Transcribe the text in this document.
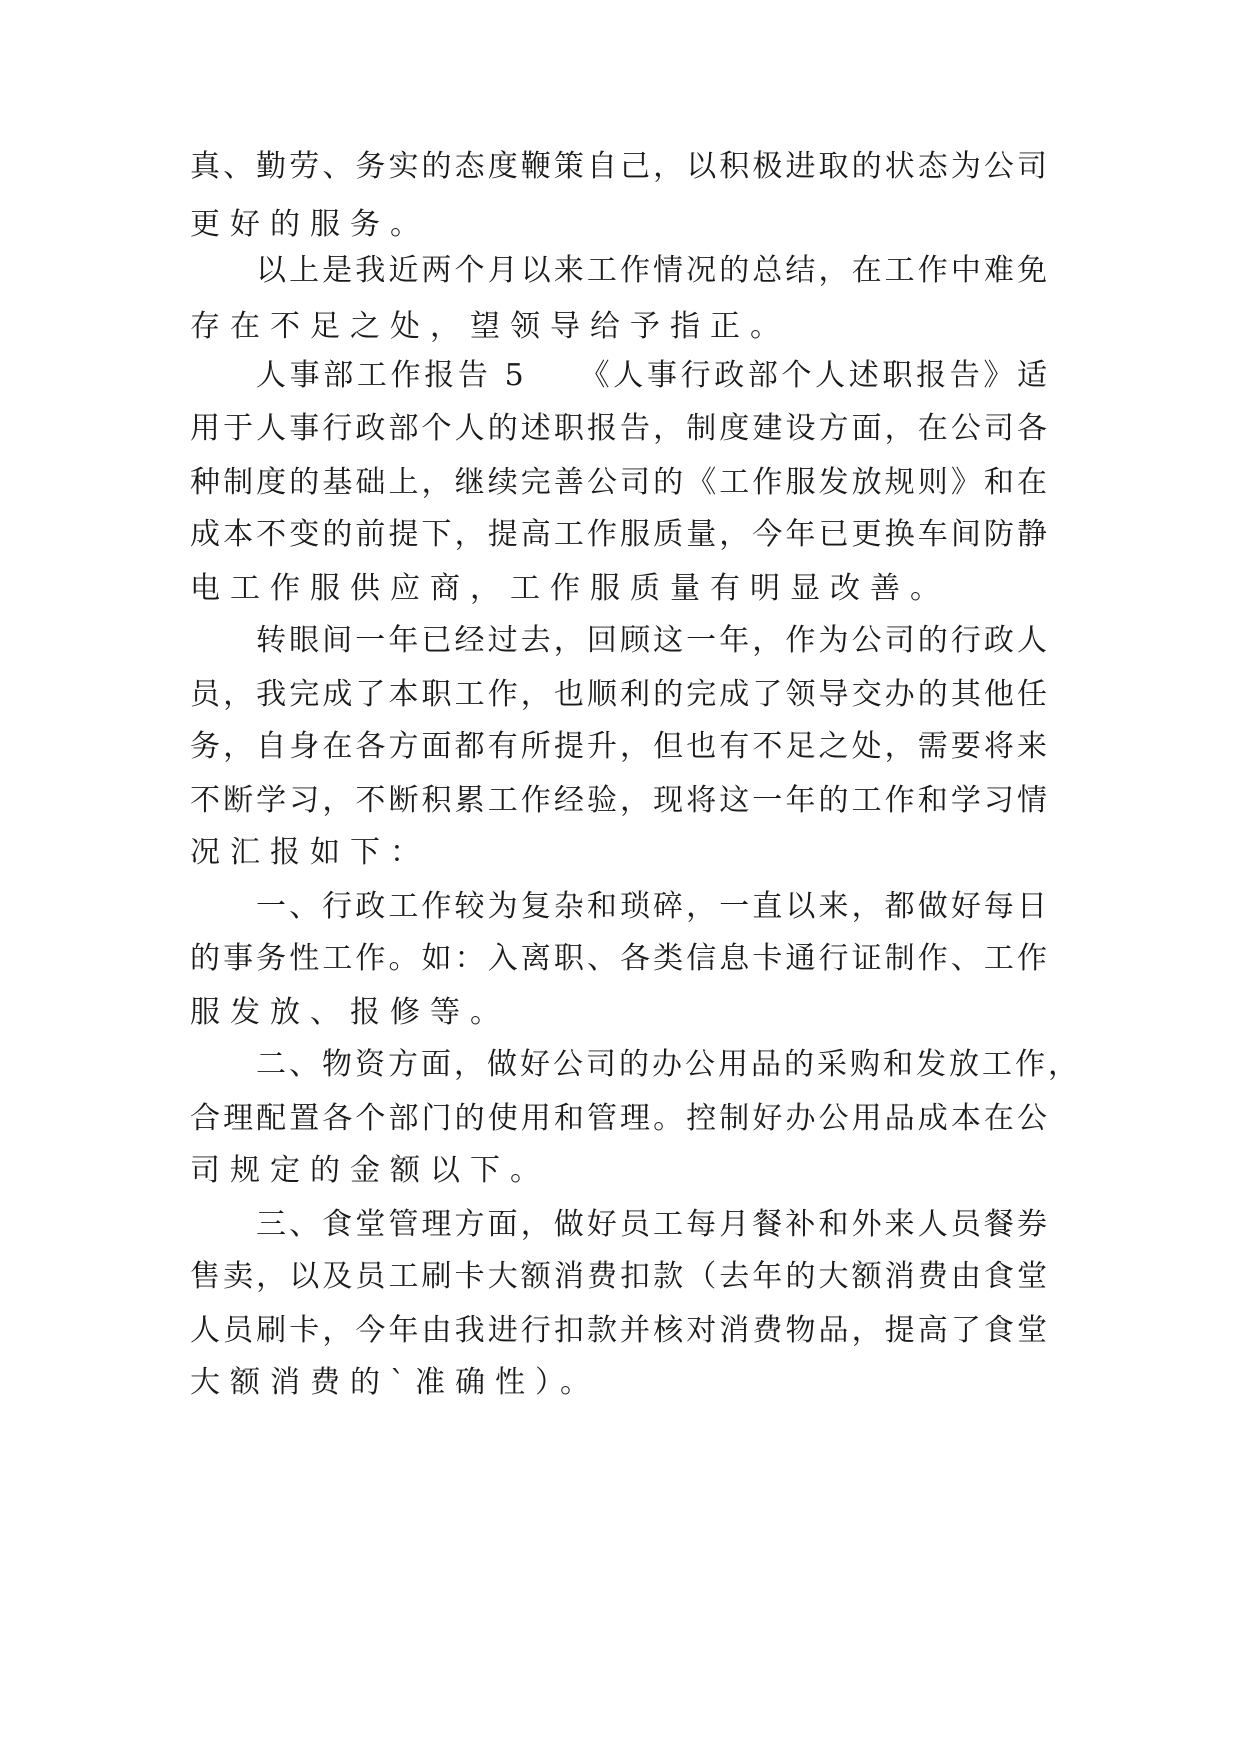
真、勤劳、务实的态度鞭策自己，以积极进取的状态为公司
更好的服务。
以上是我近两个月以来工作情况的总结，在工作中难免
存在不足之处，望领导给予指正。
人事部工作报告 5　　《人事行政部个人述职报告》适
用于人事行政部个人的述职报告，制度建设方面，在公司各
种制度的基础上，继续完善公司的《工作服发放规则》和在
成本不变的前提下，提高工作服质量，今年已更换车间防静
电工作服供应商，工作服质量有明显改善。
转眼间一年已经过去，回顾这一年，作为公司的行政人
员，我完成了本职工作，也顺利的完成了领导交办的其他任
务，自身在各方面都有所提升，但也有不足之处，需要将来
不断学习，不断积累工作经验，现将这一年的工作和学习情
况汇报如下：
一、行政工作较为复杂和琐碎，一直以来，都做好每日
的事务性工作。如：入离职、各类信息卡通行证制作、工作
服发放、报修等。
二、物资方面，做好公司的办公用品的采购和发放工作，
合理配置各个部门的使用和管理。控制好办公用品成本在公
司规定的金额以下。
三、食堂管理方面，做好员工每月餐补和外来人员餐券
售卖，以及员工刷卡大额消费扣款（去年的大额消费由食堂
人员刷卡，今年由我进行扣款并核对消费物品，提高了食堂
大额消费的`准确性）。
